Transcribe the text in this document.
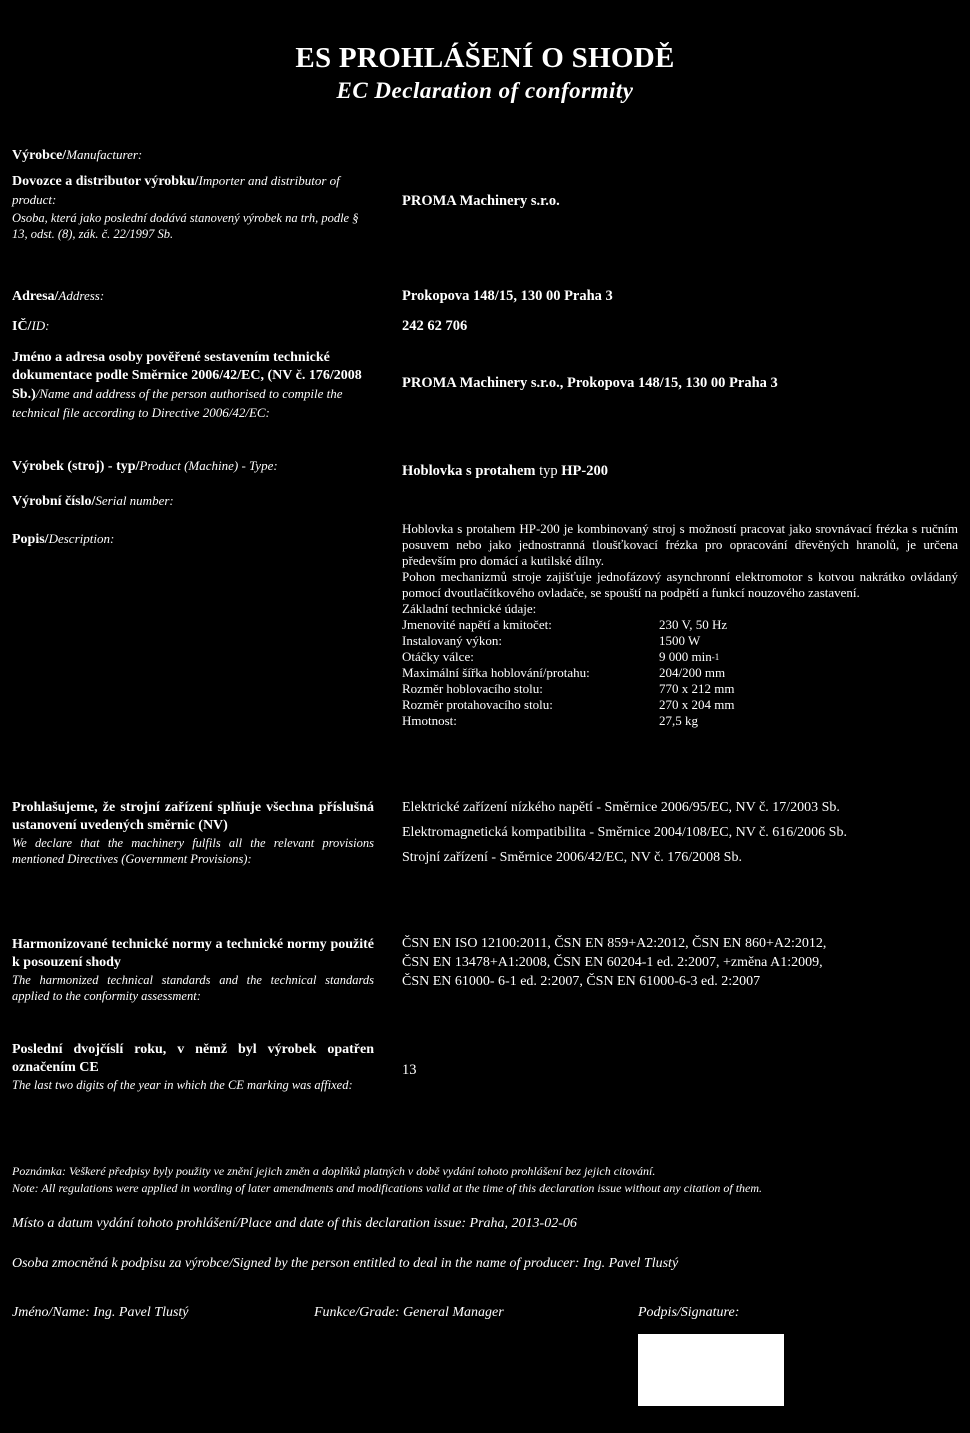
ES PROHLÁŠENÍ O SHODĚ
EC Declaration of conformity
Výrobce/Manufacturer:
Dovozce a distributor výrobku/Importer and distributor of product:
Osoba, která jako poslední dodává stanovený výrobek na trh, podle § 13, odst. (8), zák. č. 22/1997 Sb.
PROMA Machinery s.r.o.
Adresa/Address:	Prokopova 148/15, 130 00 Praha 3
IČ/ID:	242 62 706
Jméno a adresa osoby pověřené sestavením technické dokumentace podle Směrnice 2006/42/EC, (NV č. 176/2008 Sb.)/Name and address of the person authorised to compile the technical file according to Directive 2006/42/EC:
PROMA Machinery s.r.o., Prokopova 148/15, 130 00 Praha 3
Výrobek (stroj) - typ/Product (Machine) - Type:	Hoblovka s protahem typ HP-200
Výrobní číslo/Serial number:
Popis/Description:

Hoblovka s protahem HP-200 je kombinovaný stroj s možností pracovat jako srovnávací frézka s ručním posuvem nebo jako jednostranná tloušťkovací frézka pro opracování dřevěných hranolů, je určena především pro domácí a kutilské dílny.

Pohon mechanizmů stroje zajišťuje jednofázový asynchronní elektromotor s kotvou nakrátko ovládaný pomocí dvoutlačítkového ovladače, se spouští na podpětí a funkcí nouzového zastavení.

Základní technické údaje:

Jmenovité napětí a kmitočet:	230 V, 50 Hz
Instalovaný výkon:	1500 W
Otáčky válce:	9 000 min -1
Maximální šířka hoblování/protahu:	204/200 mm
Rozměr hoblovacího stolu:	770 x 212 mm
Rozměr protahovacího stolu:	270 x 204 mm
Hmotnost:	27,5 kg
Prohlašujeme, že strojní zařízení splňuje všechna příslušná ustanovení uvedených směrnic (NV)
We declare that the machinery fulfils all the relevant provisions mentioned Directives (Government Provisions):
Elektrické zařízení nízkého napětí - Směrnice 2006/95/EC, NV č. 17/2003 Sb.
Elektromagnetická kompatibilita - Směrnice 2004/108/EC, NV č. 616/2006 Sb.
Strojní zařízení - Směrnice 2006/42/EC, NV č. 176/2008 Sb.
Harmonizované technické normy a technické normy použité k posouzení shody
The harmonized technical standards and the technical standards applied to the conformity assessment:
ČSN EN ISO 12100:2011, ČSN EN 859+A2:2012, ČSN EN 860+A2:2012,
ČSN EN 13478+A1:2008, ČSN EN 60204-1 ed. 2:2007, +změna A1:2009,
ČSN EN 61000- 6-1 ed. 2:2007, ČSN EN 61000-6-3 ed. 2:2007
Poslední dvojčíslí roku, v němž byl výrobek opatřen označením CE
The last two digits of the year in which the CE marking was affixed:
13
Poznámka: Veškeré předpisy byly použity ve znění jejich změn a doplňků platných v době vydání tohoto prohlášení bez jejich citování.
Note: All regulations were applied in wording of later amendments and modifications valid at the time of this declaration issue without any citation of them.
Místo a datum vydání tohoto prohlášení/Place and date of this declaration issue: Praha, 2013-02-06
Osoba zmocněná k podpisu za výrobce/Signed by the person entitled to deal in the name of producer: Ing. Pavel Tlustý
Jméno/Name: Ing. Pavel Tlustý	Funkce/Grade: General Manager	Podpis/Signature:
